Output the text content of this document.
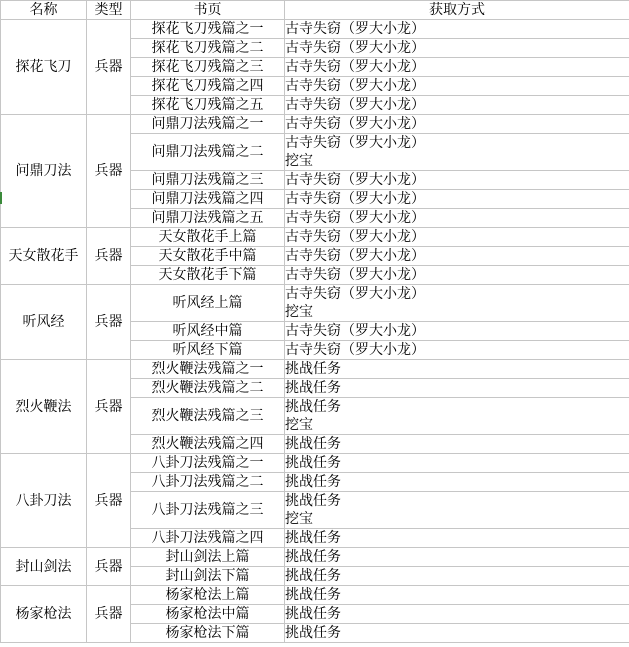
名称	类型	书页	获取方式
探花飞刀	兵器	探花飞刀残篇之一	古寺失窃（罗大小龙）

		探花飞刀残篇之二	古寺失窃（罗大小龙）

		探花飞刀残篇之三	古寺失窃（罗大小龙）

		探花飞刀残篇之四	古寺失窃（罗大小龙）

		探花飞刀残篇之五	古寺失窃（罗大小龙）

问鼎刀法	兵器	问鼎刀法残篇之一	古寺失窃（罗大小龙）

		问鼎刀法残篇之二	古寺失窃（罗大小龙）
挖宝

		问鼎刀法残篇之三	古寺失窃（罗大小龙）

		问鼎刀法残篇之四	古寺失窃（罗大小龙）

		问鼎刀法残篇之五	古寺失窃（罗大小龙）

天女散花手	兵器	天女散花手上篇	古寺失窃（罗大小龙）

		天女散花手中篇	古寺失窃（罗大小龙）

		天女散花手下篇	古寺失窃（罗大小龙）

听风经	兵器	听风经上篇	古寺失窃（罗大小龙）
挖宝

		听风经中篇	古寺失窃（罗大小龙）

		听风经下篇	古寺失窃（罗大小龙）

烈火鞭法	兵器	烈火鞭法残篇之一	挑战任务

		烈火鞭法残篇之二	挑战任务

		烈火鞭法残篇之三	挑战任务
挖宝

		烈火鞭法残篇之四	挑战任务

八卦刀法	兵器	八卦刀法残篇之一	挑战任务

		八卦刀法残篇之二	挑战任务

		八卦刀法残篇之三	挑战任务
挖宝

		八卦刀法残篇之四	挑战任务

封山剑法	兵器	封山剑法上篇	挑战任务

		封山剑法下篇	挑战任务

杨家枪法	兵器	杨家枪法上篇	挑战任务

		杨家枪法中篇	挑战任务

		杨家枪法下篇	挑战任务
